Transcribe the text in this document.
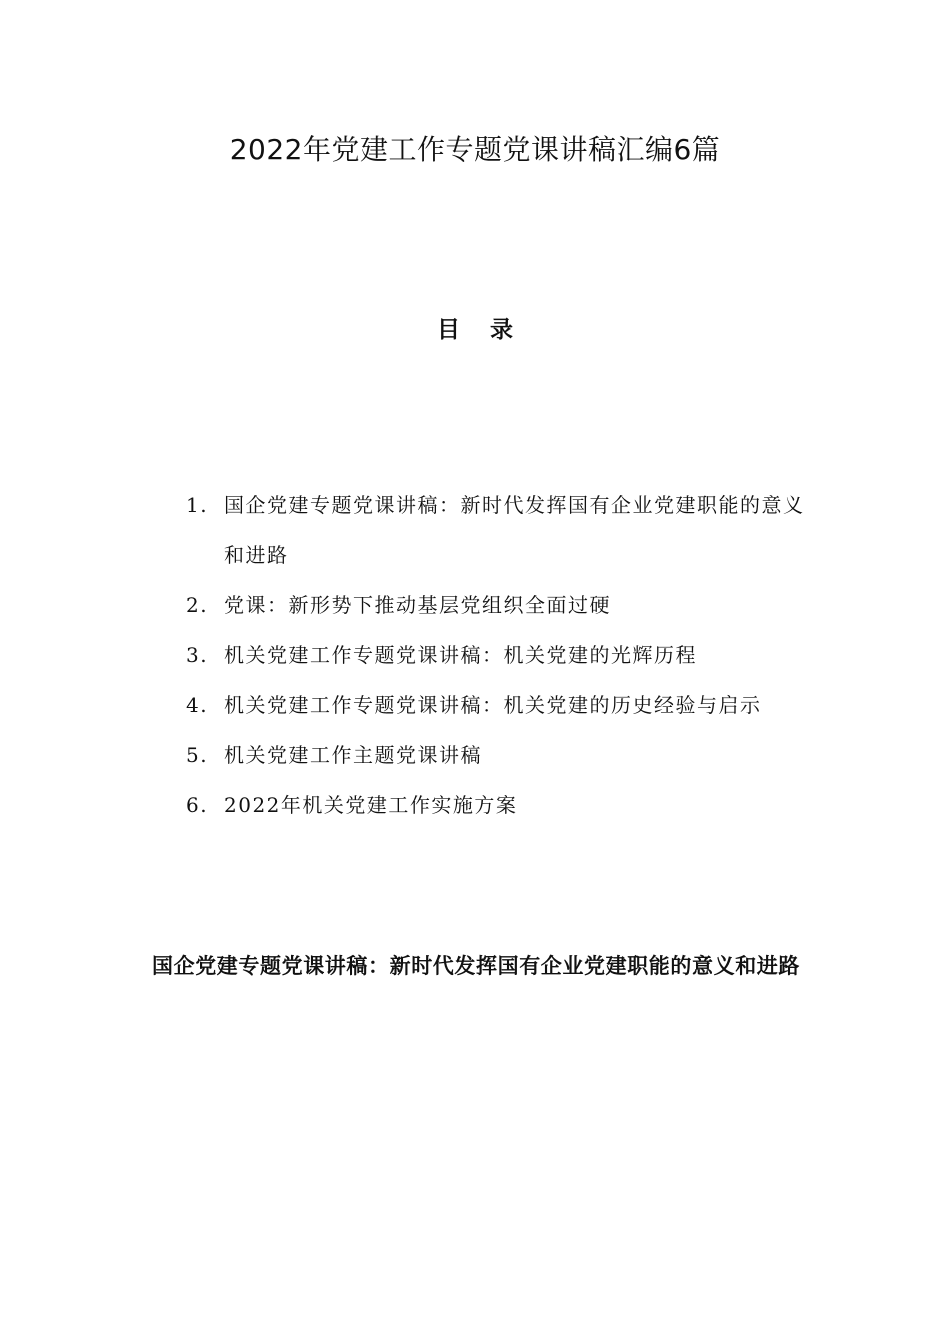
2022年党建工作专题党课讲稿汇编6篇
目 录
1. 国企党建专题党课讲稿：新时代发挥国有企业党建职能的意义和进路
2. 党课：新形势下推动基层党组织全面过硬
3. 机关党建工作专题党课讲稿：机关党建的光辉历程
4. 机关党建工作专题党课讲稿：机关党建的历史经验与启示
5. 机关党建工作主题党课讲稿
6. 2022年机关党建工作实施方案
国企党建专题党课讲稿：新时代发挥国有企业党建职能的意义和进路
